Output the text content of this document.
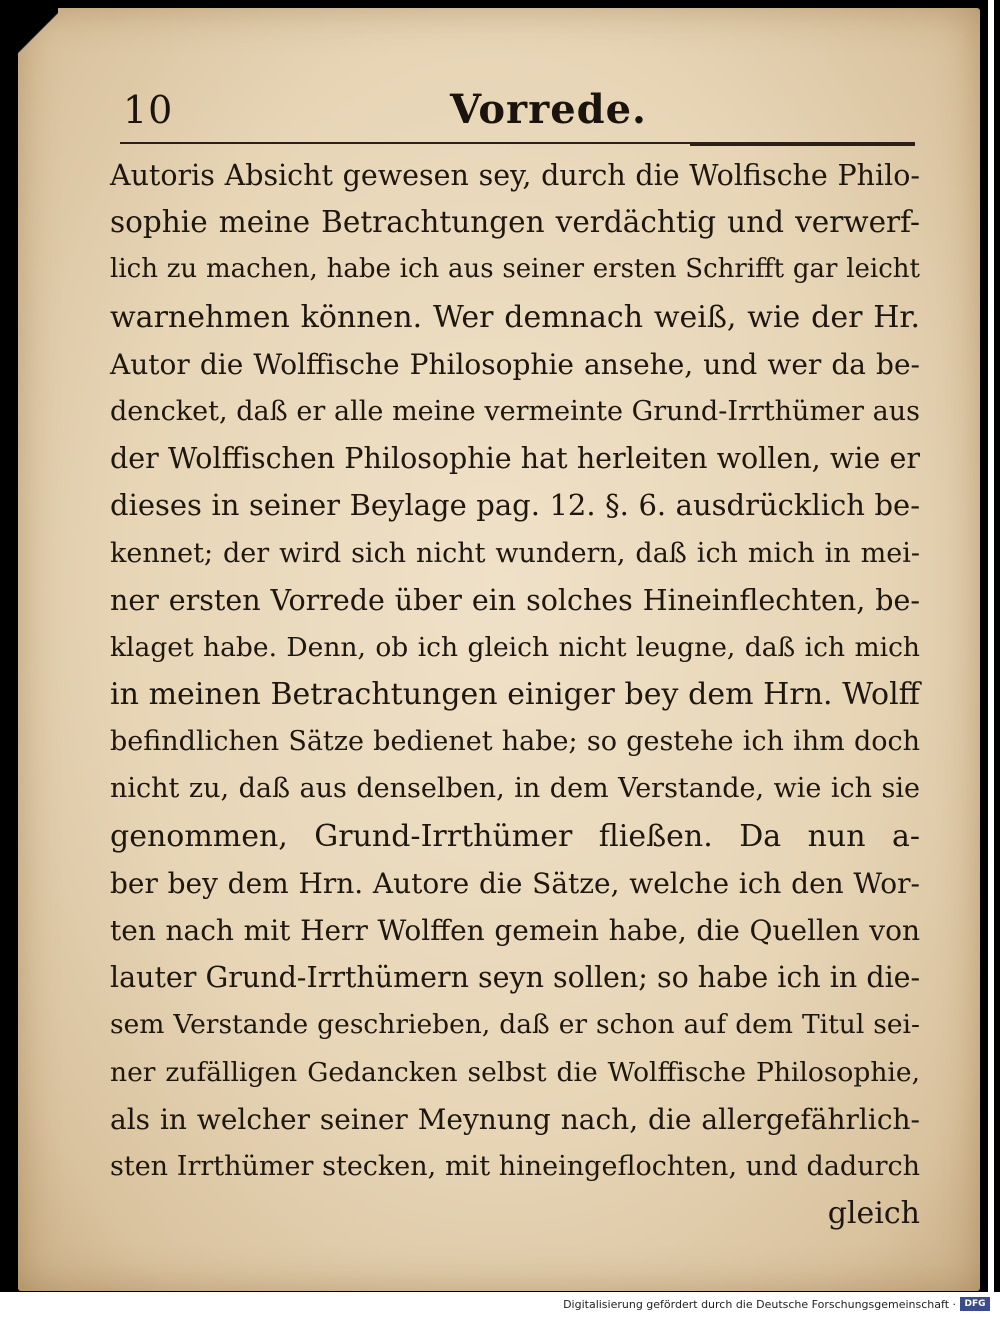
10	Vorrede.
Autoris Absicht gewesen sey, durch die Wolfische Philo-
sophie meine Betrachtungen verdächtig und verwerf-
lich zu machen, habe ich aus seiner ersten Schrifft gar leicht
warnehmen können. Wer demnach weiß, wie der Hr.
Autor die Wolffische Philosophie ansehe, und wer da be-
dencket, daß er alle meine vermeinte Grund-Irrthümer aus
der Wolffischen Philosophie hat herleiten wollen, wie er
dieses in seiner Beylage pag. 12. §. 6. ausdrücklich be-
kennet; der wird sich nicht wundern, daß ich mich in mei-
ner ersten Vorrede über ein solches Hineinflechten, be-
klaget habe. Denn, ob ich gleich nicht leugne, daß ich mich
in meinen Betrachtungen einiger bey dem Hrn. Wolff
befindlichen Sätze bedienet habe; so gestehe ich ihm doch
nicht zu, daß aus denselben, in dem Verstande, wie ich sie
genommen, Grund-Irrthümer fließen. Da nun a-
ber bey dem Hrn. Autore die Sätze, welche ich den Wor-
ten nach mit Herr Wolffen gemein habe, die Quellen von
lauter Grund-Irrthümern seyn sollen; so habe ich in die-
sem Verstande geschrieben, daß er schon auf dem Titul sei-
ner zufälligen Gedancken selbst die Wolffische Philosophie,
als in welcher seiner Meynung nach, die allergefährlich-
sten Irrthümer stecken, mit hineingeflochten, und dadurch
gleich
Digitalisierung gefördert durch die Deutsche Forschungsgemeinschaft · DFG
